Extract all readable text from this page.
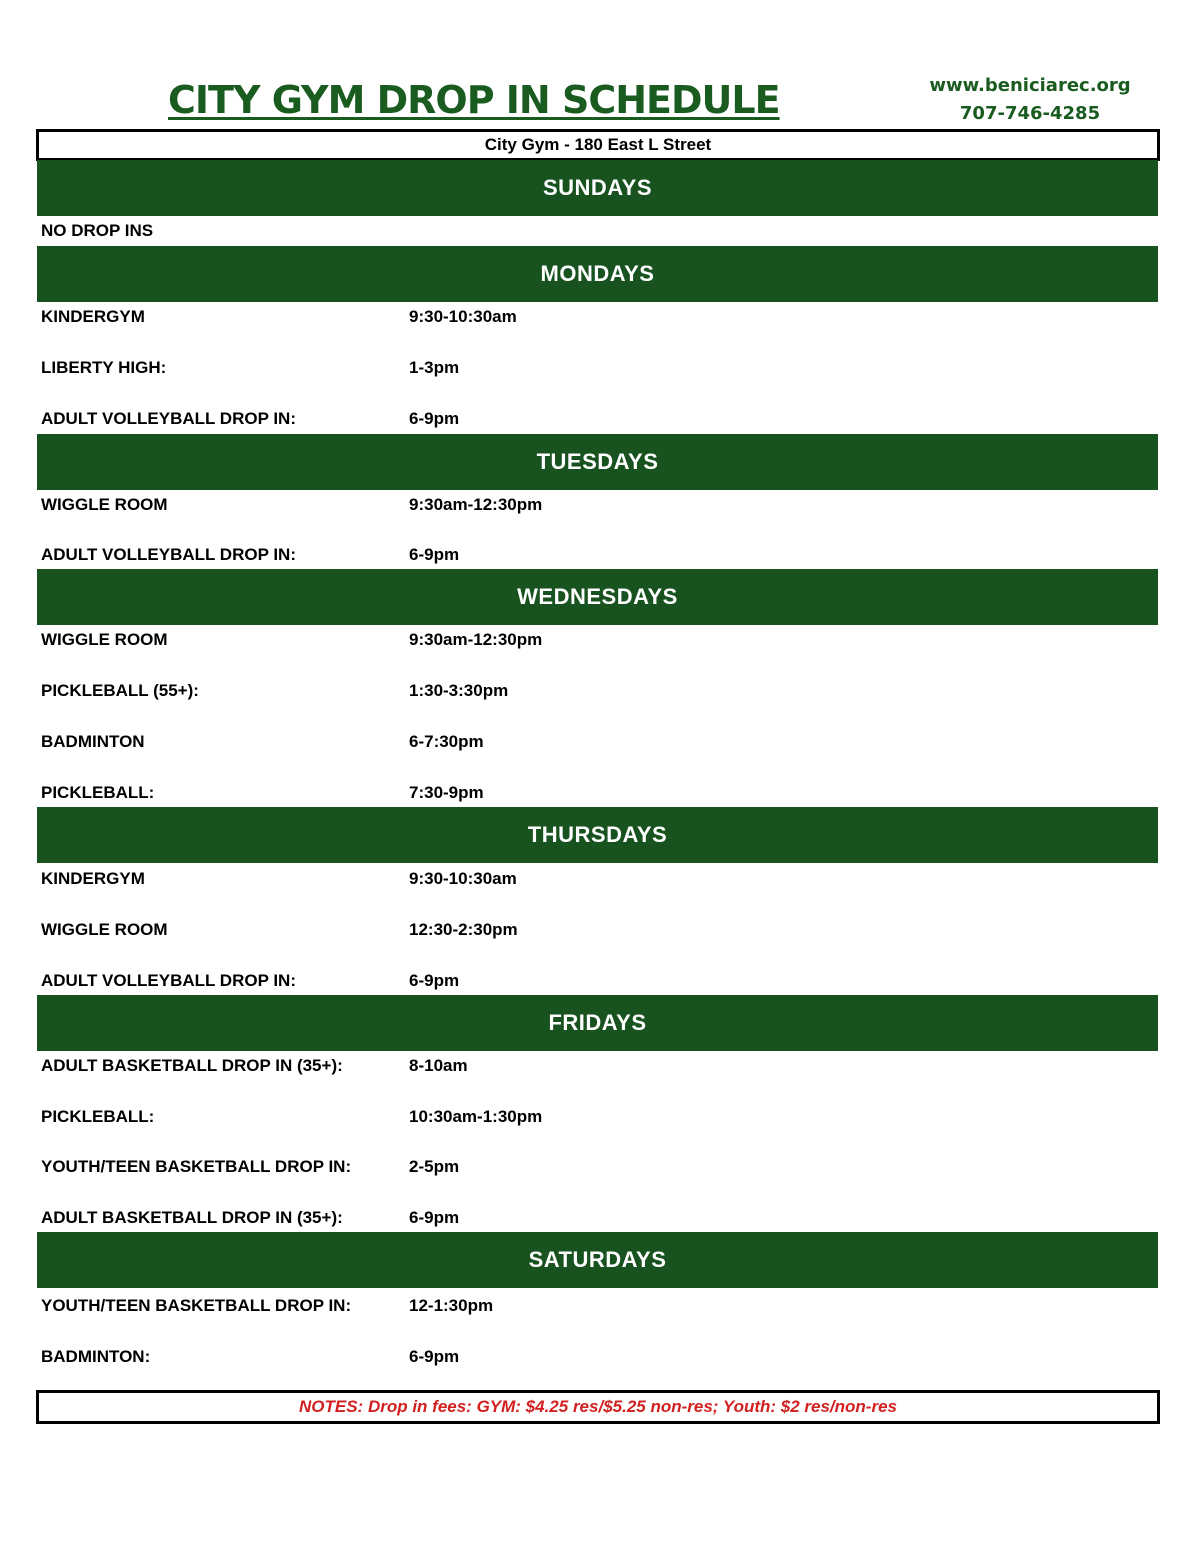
CITY GYM DROP IN SCHEDULE	www.beniciarec.org
707-746-4285
City Gym - 180 East L Street
SUNDAYS
NO DROP INS
MONDAYS
KINDERGYM	9:30-10:30am
LIBERTY HIGH:	1-3pm
ADULT VOLLEYBALL DROP IN:	6-9pm
TUESDAYS
WIGGLE ROOM	9:30am-12:30pm
ADULT VOLLEYBALL DROP IN:	6-9pm
WEDNESDAYS
WIGGLE ROOM	9:30am-12:30pm
PICKLEBALL (55+):	1:30-3:30pm
BADMINTON	6-7:30pm
PICKLEBALL:	7:30-9pm
THURSDAYS
KINDERGYM	9:30-10:30am
WIGGLE ROOM	12:30-2:30pm
ADULT VOLLEYBALL DROP IN:	6-9pm
FRIDAYS
ADULT BASKETBALL DROP IN (35+):	8-10am
PICKLEBALL:	10:30am-1:30pm
YOUTH/TEEN BASKETBALL DROP IN:	2-5pm
ADULT BASKETBALL DROP IN (35+):	6-9pm
SATURDAYS
YOUTH/TEEN BASKETBALL DROP IN:	12-1:30pm
BADMINTON:	6-9pm
NOTES: Drop in fees: GYM: $4.25 res/$5.25 non-res; Youth: $2 res/non-res
